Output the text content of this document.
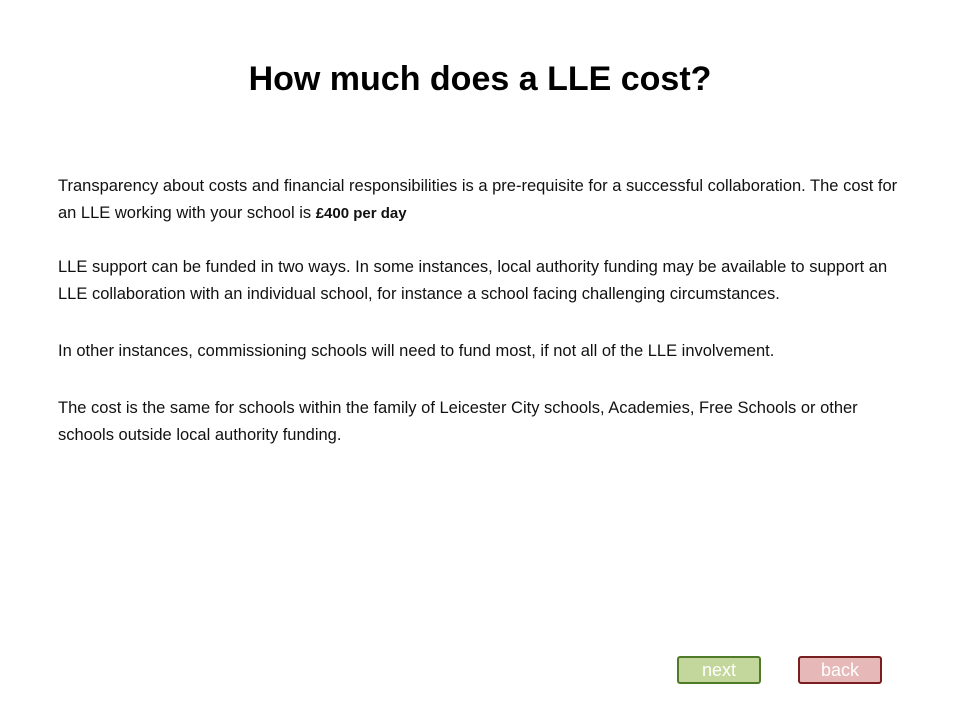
How much does a LLE cost?

Transparency about costs and financial responsibilities is a pre-requisite for a successful collaboration. The cost for an LLE working with your school is £400 per day

LLE support can be funded in two ways. In some instances, local authority funding may be available to support an LLE collaboration with an individual school, for instance a school facing challenging circumstances.

In other instances, commissioning schools will need to fund most, if not all of the LLE involvement.

The cost is the same for schools within the family of Leicester City schools, Academies, Free Schools or other schools outside local authority funding.

next	back
